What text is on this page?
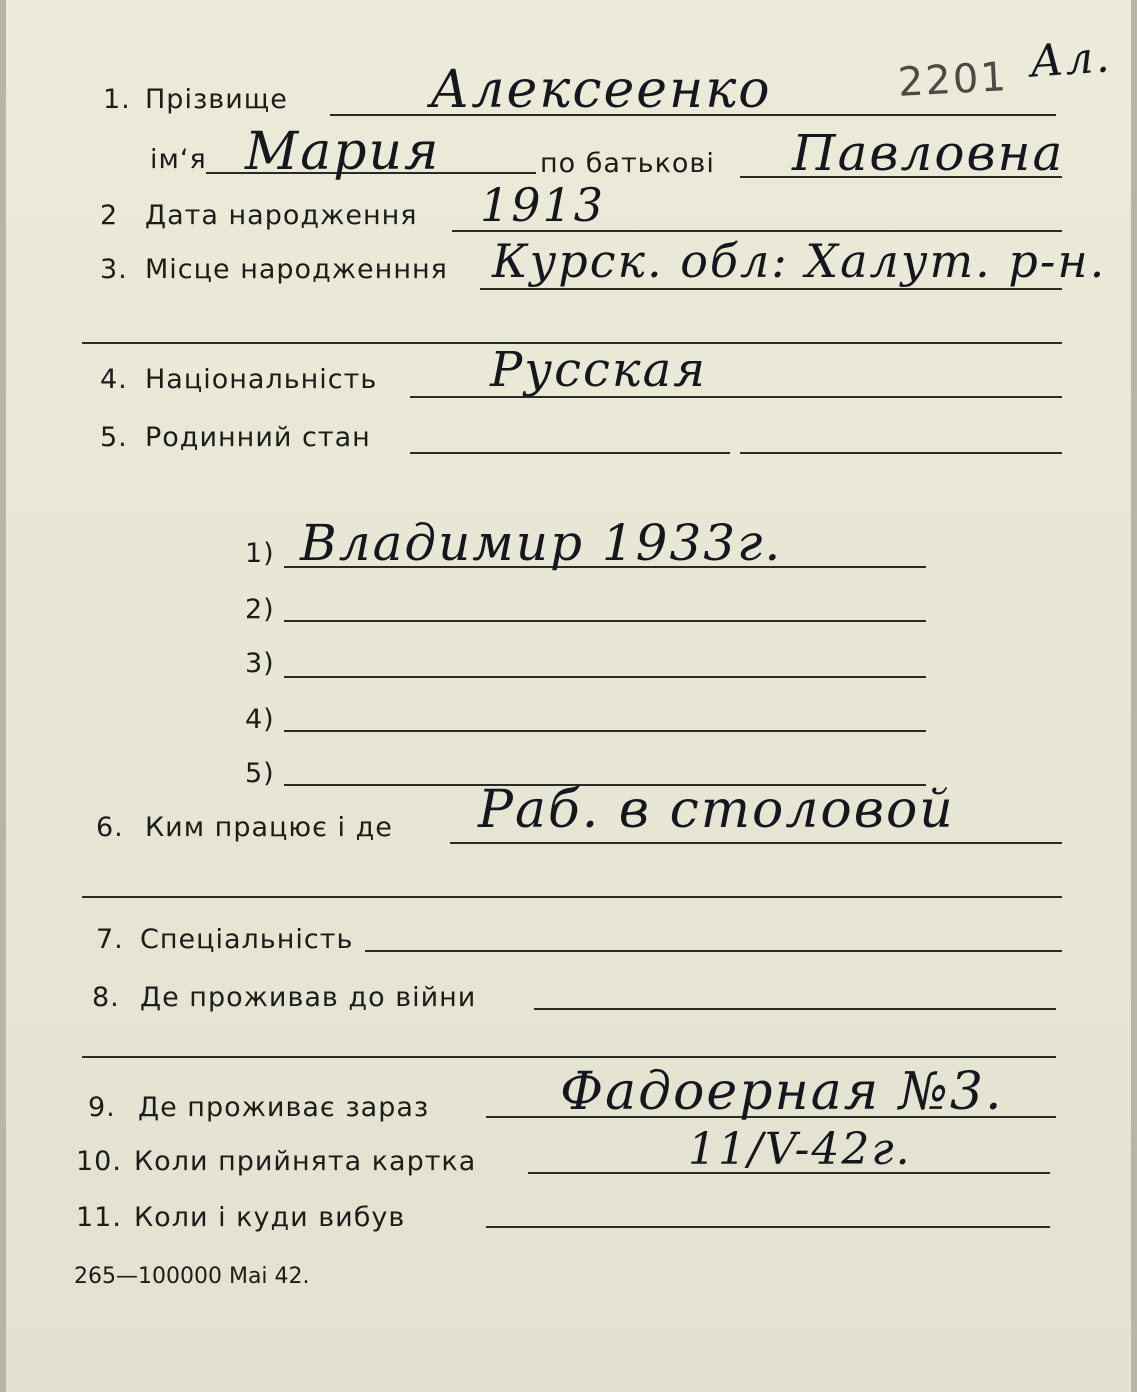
2201 Ал.
1. Прізвище	Алексеенко
ім‘я Мария	по батькові Павловна
2 Дата народження 1913
3. Місце народженння Курск. обл: Халут. р-н.
4. Національність Русская
5. Родинний стан
1) Владимир 1933г.
2)
3)
4)
5)
6. Ким працює і де Раб. в столовой
7. Спеціальність
8. Де проживав до війни
9. Де проживає зараз	Фадоерная №3.
10. Коли прийнята картка	11/V-42г.
11. Коли і куди вибув
265—100000 Маі 42.
